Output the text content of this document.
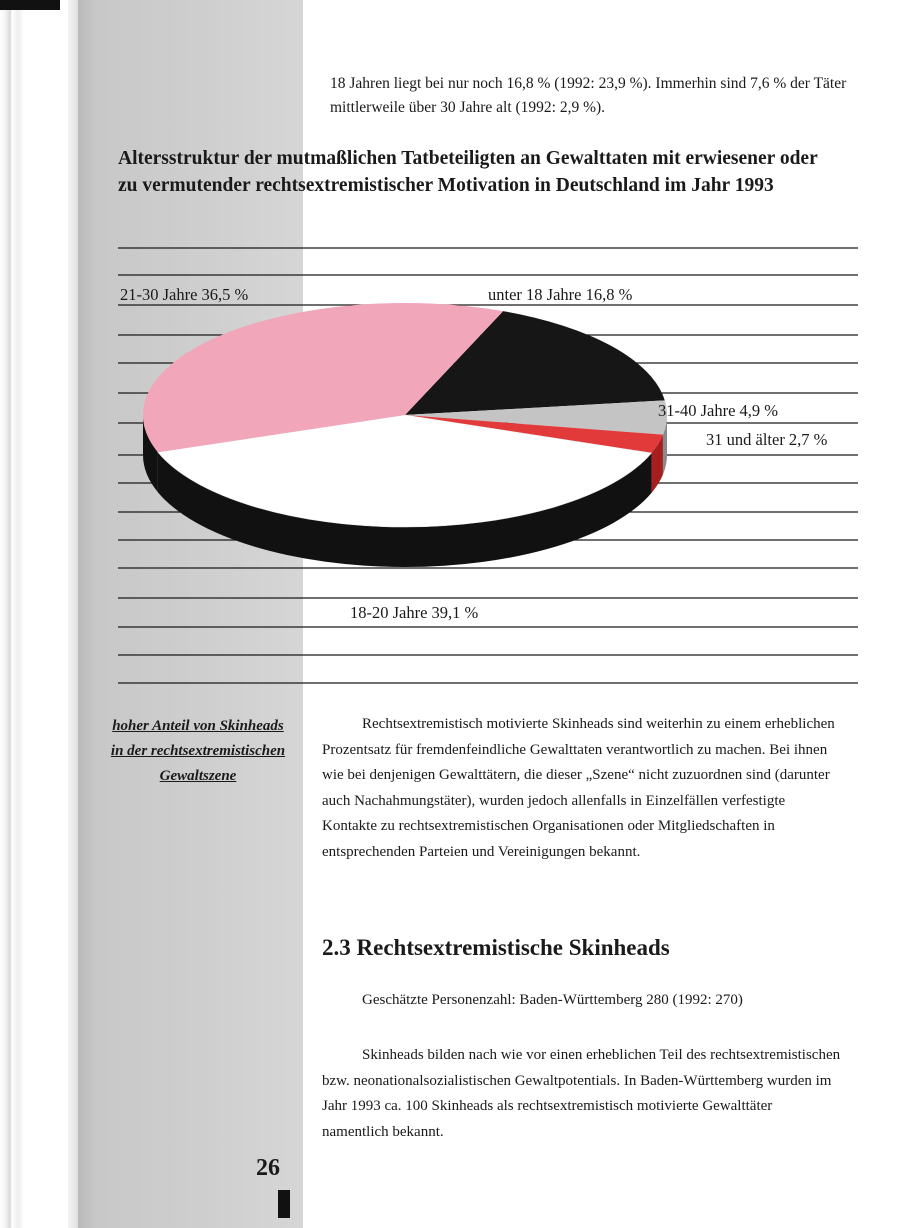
18 Jahren liegt bei nur noch 16,8 % (1992: 23,9 %). Immerhin sind 7,6 % der Täter mittlerweile über 30 Jahre alt (1992: 2,9 %).

Altersstruktur der mutmaßlichen Tatbeteiligten an Gewalttaten mit erwiesener oder zu vermutender rechtsextremistischer Motivation in Deutschland im Jahr 1993
unter 18 Jahre 16,8 %
31-40 Jahre 4,9 %
31 und älter 2,7 %
18-20 Jahre 39,1 %
21-30 Jahre 36,5 %
hoher Anteil von Skinheads in der rechtsextremistischen Gewaltszene

Rechtsextremistisch motivierte Skinheads sind weiterhin zu einem erheblichen Prozentsatz für fremdenfeindliche Gewalttaten verantwortlich zu machen. Bei ihnen wie bei denjenigen Gewalttätern, die dieser „Szene“ nicht zuzuordnen sind (darunter auch Nachahmungstäter), wurden jedoch allenfalls in Einzelfällen verfestigte Kontakte zu rechtsextremistischen Organisationen oder Mitgliedschaften in entsprechenden Parteien und Vereinigungen bekannt.

2.3 Rechtsextremistische Skinheads
Geschätzte Personenzahl: Baden-Württemberg 280 (1992: 270)

Skinheads bilden nach wie vor einen erheblichen Teil des rechtsextremistischen bzw. neonationalsozialistischen Gewaltpotentials. In Baden-Württemberg wurden im Jahr 1993 ca. 100 Skinheads als rechtsextremistisch motivierte Gewalttäter namentlich bekannt.

26
